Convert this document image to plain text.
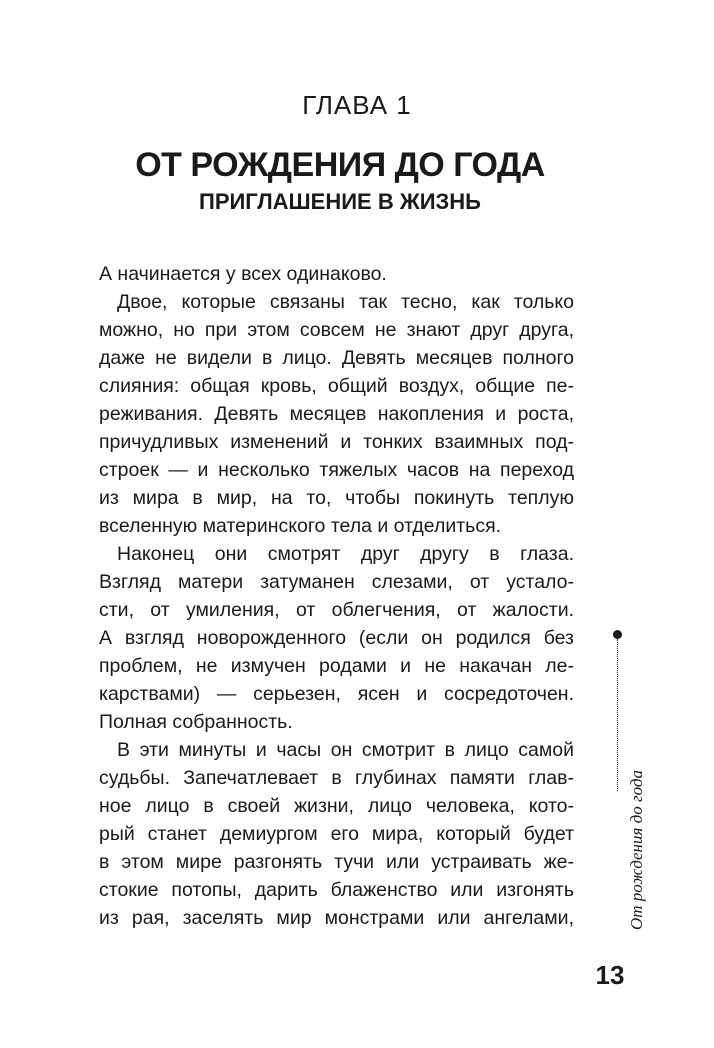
ГЛАВА 1
ОТ РОЖДЕНИЯ ДО ГОДА
ПРИГЛАШЕНИЕ В ЖИЗНЬ
А начинается у всех одинаково.
Двое, которые связаны так тесно, как только
можно, но при этом совсем не знают друг друга,
даже не видели в лицо. Девять месяцев полного
слияния: общая кровь, общий воздух, общие пе-
реживания. Девять месяцев накопления и роста,
причудливых изменений и тонких взаимных под-
строек — и несколько тяжелых часов на переход
из мира в мир, на то, чтобы покинуть теплую
вселенную материнского тела и отделиться.
Наконец они смотрят друг другу в глаза.
Взгляд матери затуманен слезами, от устало-
сти, от умиления, от облегчения, от жалости.
А взгляд новорожденного (если он родился без
проблем, не измучен родами и не накачан ле-
карствами) — серьезен, ясен и сосредоточен.
Полная собранность.
В эти минуты и часы он смотрит в лицо самой
судьбы. Запечатлевает в глубинах памяти глав-
ное лицо в своей жизни, лицо человека, кото-
рый станет демиургом его мира, который будет
в этом мире разгонять тучи или устраивать же-
стокие потопы, дарить блаженство или изгонять
из рая, заселять мир монстрами или ангелами,	От рождения до года
13
